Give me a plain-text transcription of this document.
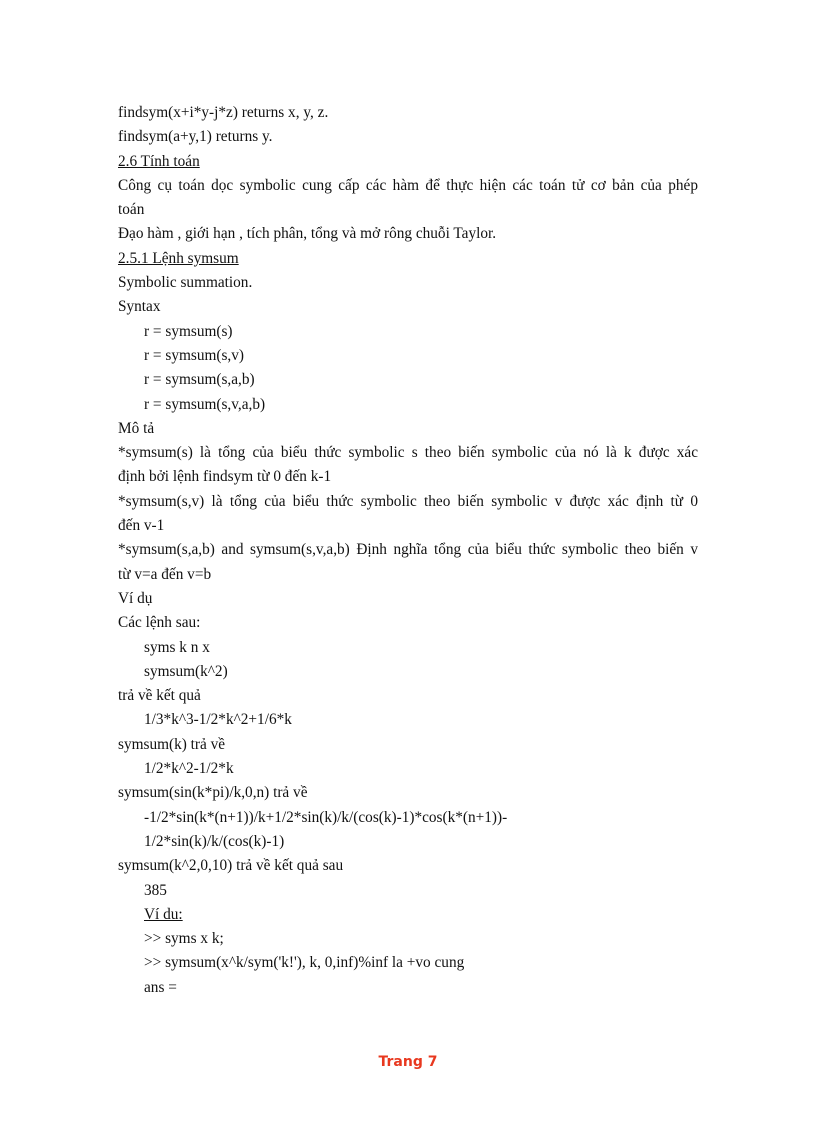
findsym(x+i*y-j*z) returns x, y, z.
findsym(a+y,1) returns y.
2.6 Tính toán
Công cụ toán dọc symbolic cung cấp các hàm để thực hiện các toán tử cơ bản của phép
toán
Đạo hàm , giới hạn , tích phân, tổng và mở rông chuỗi Taylor.
2.5.1 Lệnh symsum
Symbolic summation.
Syntax
r = symsum(s)
r = symsum(s,v)
r = symsum(s,a,b)
r = symsum(s,v,a,b)
Mô tả
*symsum(s) là tổng của biểu thức symbolic s theo biến symbolic của nó là k được xác
định bởi lệnh findsym từ 0 đến k-1
*symsum(s,v) là tổng của biểu thức symbolic theo biến symbolic v được xác định từ 0
đến v-1
*symsum(s,a,b) and symsum(s,v,a,b) Định nghĩa tổng của biểu thức symbolic theo biến v
từ v=a đến v=b
Ví dụ
Các lệnh sau:
syms k n x
symsum(k^2)
trả về kết quả
1/3*k^3-1/2*k^2+1/6*k
symsum(k) trả về
1/2*k^2-1/2*k
symsum(sin(k*pi)/k,0,n) trả về
-1/2*sin(k*(n+1))/k+1/2*sin(k)/k/(cos(k)-1)*cos(k*(n+1))-
1/2*sin(k)/k/(cos(k)-1)
symsum(k^2,0,10) trả về kết quả sau
385
Ví du:
>> syms x k;
>> symsum(x^k/sym('k!'), k, 0,inf)%inf la +vo cung
ans =
Trang 7
